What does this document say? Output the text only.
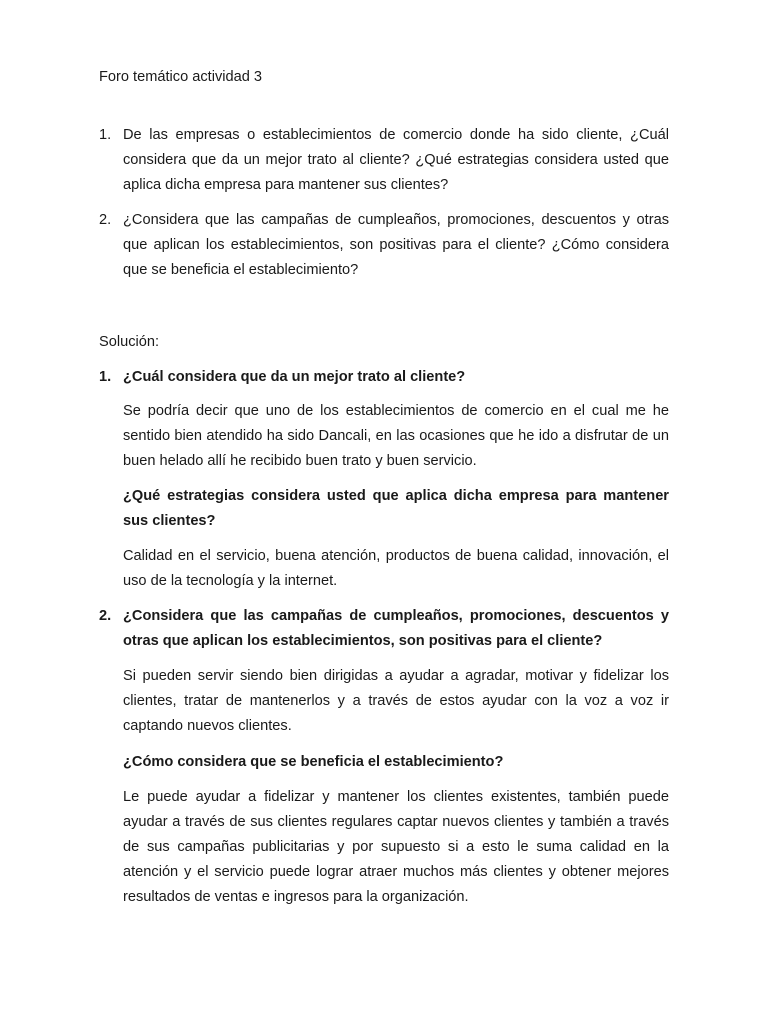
Foro temático actividad 3
1. De las empresas o establecimientos de comercio donde ha sido cliente, ¿Cuál considera que da un mejor trato al cliente? ¿Qué estrategias considera usted que aplica dicha empresa para mantener sus clientes?
2. ¿Considera que las campañas de cumpleaños, promociones, descuentos y otras que aplican los establecimientos, son positivas para el cliente? ¿Cómo considera que se beneficia el establecimiento?
Solución:
1. ¿Cuál considera que da un mejor trato al cliente?
Se podría decir que uno de los establecimientos de comercio en el cual me he sentido bien atendido ha sido Dancali, en las ocasiones que he ido a disfrutar de un buen helado allí he recibido buen trato y buen servicio.
¿Qué estrategias considera usted que aplica dicha empresa para mantener sus clientes?
Calidad en el servicio, buena atención, productos de buena calidad, innovación, el uso de la tecnología y la internet.
2. ¿Considera que las campañas de cumpleaños, promociones, descuentos y otras que aplican los establecimientos, son positivas para el cliente?
Si pueden servir siendo bien dirigidas a ayudar a agradar, motivar y fidelizar los clientes, tratar de mantenerlos y a través de estos ayudar con la voz a voz ir captando nuevos clientes.
¿Cómo considera que se beneficia el establecimiento?
Le puede ayudar a fidelizar y mantener los clientes existentes, también puede ayudar a través de sus clientes regulares captar nuevos clientes y también a través de sus campañas publicitarias y por supuesto si a esto le suma calidad en la atención y el servicio puede lograr atraer muchos más clientes y obtener mejores resultados de ventas e ingresos para la organización.
